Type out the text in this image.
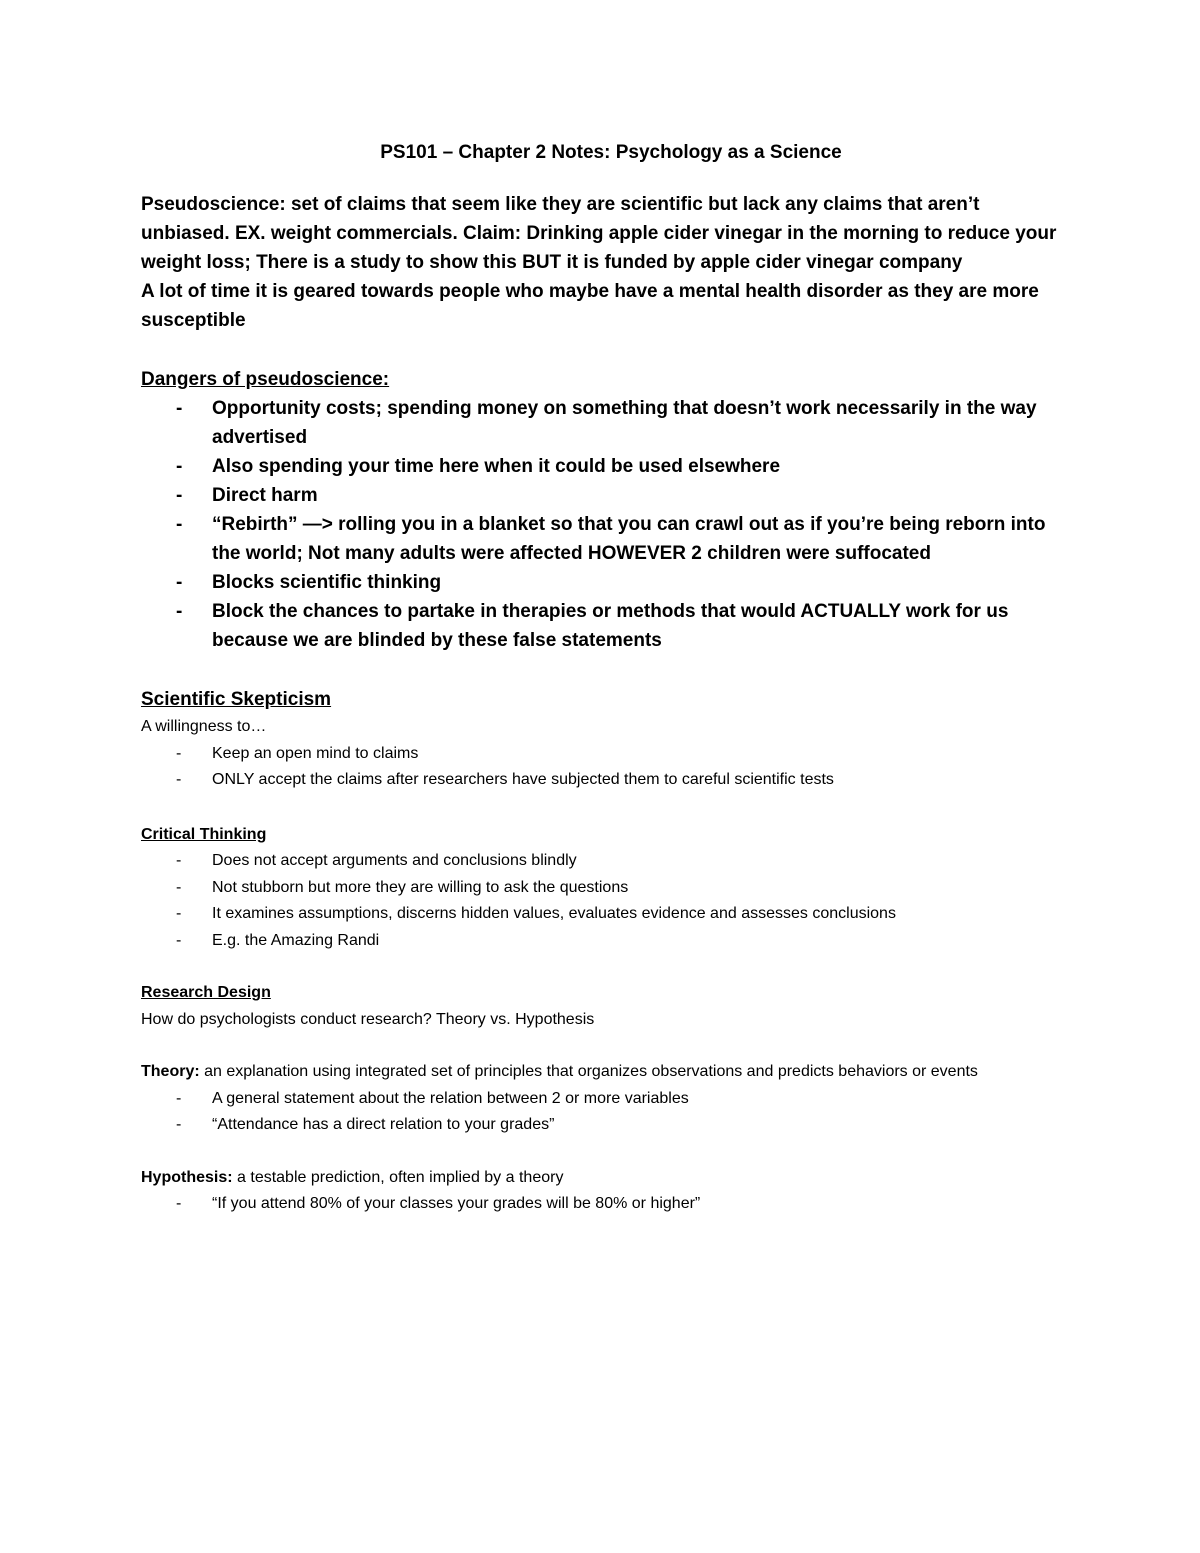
PS101 – Chapter 2 Notes: Psychology as a Science

Pseudoscience: set of claims that seem like they are scientific but lack any claims that aren’t unbiased. EX. weight commercials. Claim: Drinking apple cider vinegar in the morning to reduce your weight loss; There is a study to show this BUT it is funded by apple cider vinegar company

A lot of time it is geared towards people who maybe have a mental health disorder as they are more susceptible

Dangers of pseudoscience:

- Opportunity costs; spending money on something that doesn’t work necessarily in the way advertised
- Also spending your time here when it could be used elsewhere
- Direct harm
- “Rebirth” —> rolling you in a blanket so that you can crawl out as if you’re being reborn into the world; Not many adults were affected HOWEVER 2 children were suffocated
- Blocks scientific thinking
- Block the chances to partake in therapies or methods that would ACTUALLY work for us because we are blinded by these false statements

Scientific Skepticism

A willingness to…

- Keep an open mind to claims
- ONLY accept the claims after researchers have subjected them to careful scientific tests

Critical Thinking

- Does not accept arguments and conclusions blindly
- Not stubborn but more they are willing to ask the questions
- It examines assumptions, discerns hidden values, evaluates evidence and assesses conclusions
- E.g. the Amazing Randi

Research Design

How do psychologists conduct research? Theory vs. Hypothesis

Theory: an explanation using integrated set of principles that organizes observations and predicts behaviors or events

- A general statement about the relation between 2 or more variables
- “Attendance has a direct relation to your grades”

Hypothesis: a testable prediction, often implied by a theory

- “If you attend 80% of your classes your grades will be 80% or higher”
